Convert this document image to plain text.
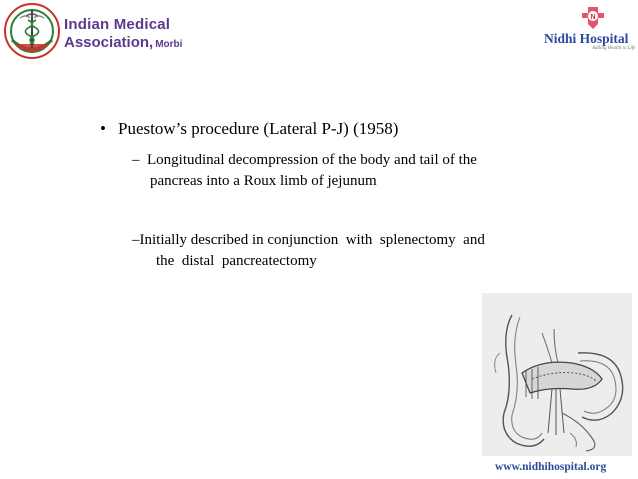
Indian Medical
Association, Morbi
N
Nidhi Hospital
Adding Health to Life
• Puestow’s procedure (Lateral P-J) (1958)
–  Longitudinal decompression of the body and tail of the
pancreas into a Roux limb of jejunum
–Initially described in conjunction  with  splenectomy  and
the  distal  pancreatectomy
www.nidhihospital.org
